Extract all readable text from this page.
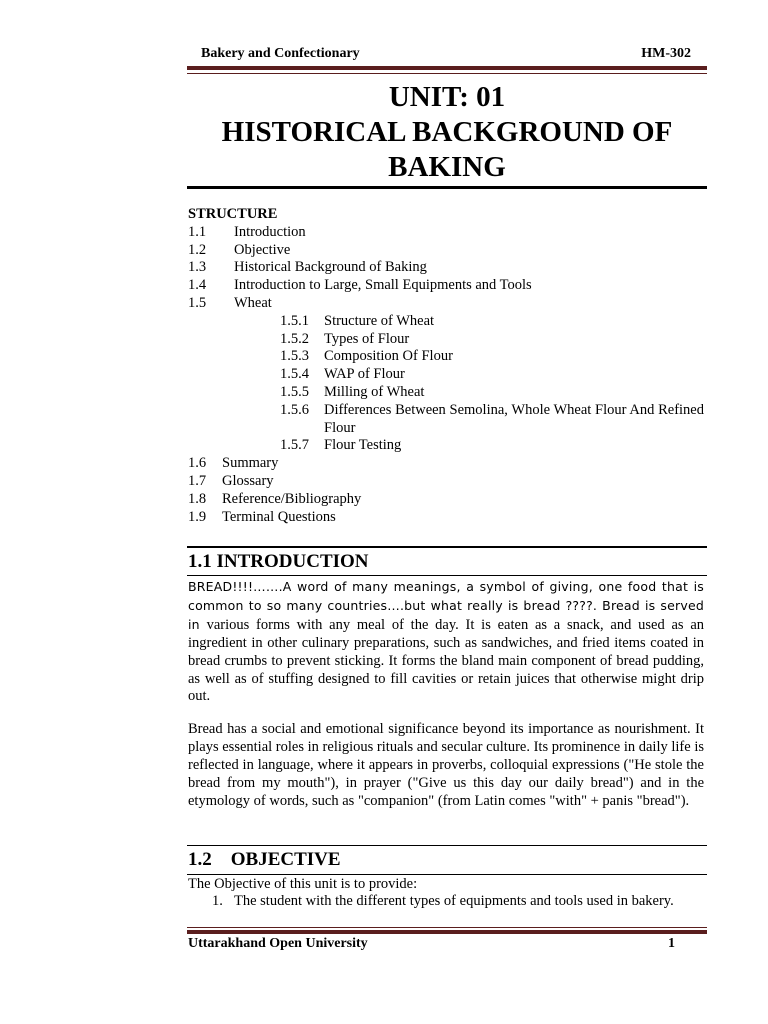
Bakery and Confectionary	HM-302
UNIT: 01
HISTORICAL BACKGROUND OF
BAKING
STRUCTURE
1.1 Introduction
1.2 Objective
1.3 Historical Background of Baking
1.4 Introduction to Large, Small Equipments and Tools
1.5 Wheat
1.5.1 Structure of Wheat
1.5.2 Types of Flour
1.5.3 Composition Of Flour
1.5.4 WAP of Flour
1.5.5 Milling of Wheat
1.5.6 Differences Between Semolina, Whole Wheat Flour And Refined Flour
1.5.7 Flour Testing
1.6 Summary
1.7 Glossary
1.8 Reference/Bibliography
1.9 Terminal Questions
1.1 INTRODUCTION
BREAD!!!!…….A word of many meanings, a symbol of giving, one food that is common to so many countries….but what really is bread ????. Bread is served in various forms with any meal of the day. It is eaten as a snack, and used as an ingredient in other culinary preparations, such as sandwiches, and fried items coated in bread crumbs to prevent sticking. It forms the bland main component of bread pudding, as well as of stuffing designed to fill cavities or retain juices that otherwise might drip out.
Bread has a social and emotional significance beyond its importance as nourishment. It plays essential roles in religious rituals and secular culture. Its prominence in daily life is reflected in language, where it appears in proverbs, colloquial expressions ("He stole the bread from my mouth"), in prayer ("Give us this day our daily bread") and in the etymology of words, such as "companion" (from Latin comes "with" + panis "bread").
1.2    OBJECTIVE
The Objective of this unit is to provide:
1. The student with the different types of equipments and tools used in bakery.
Uttarakhand Open University	1
